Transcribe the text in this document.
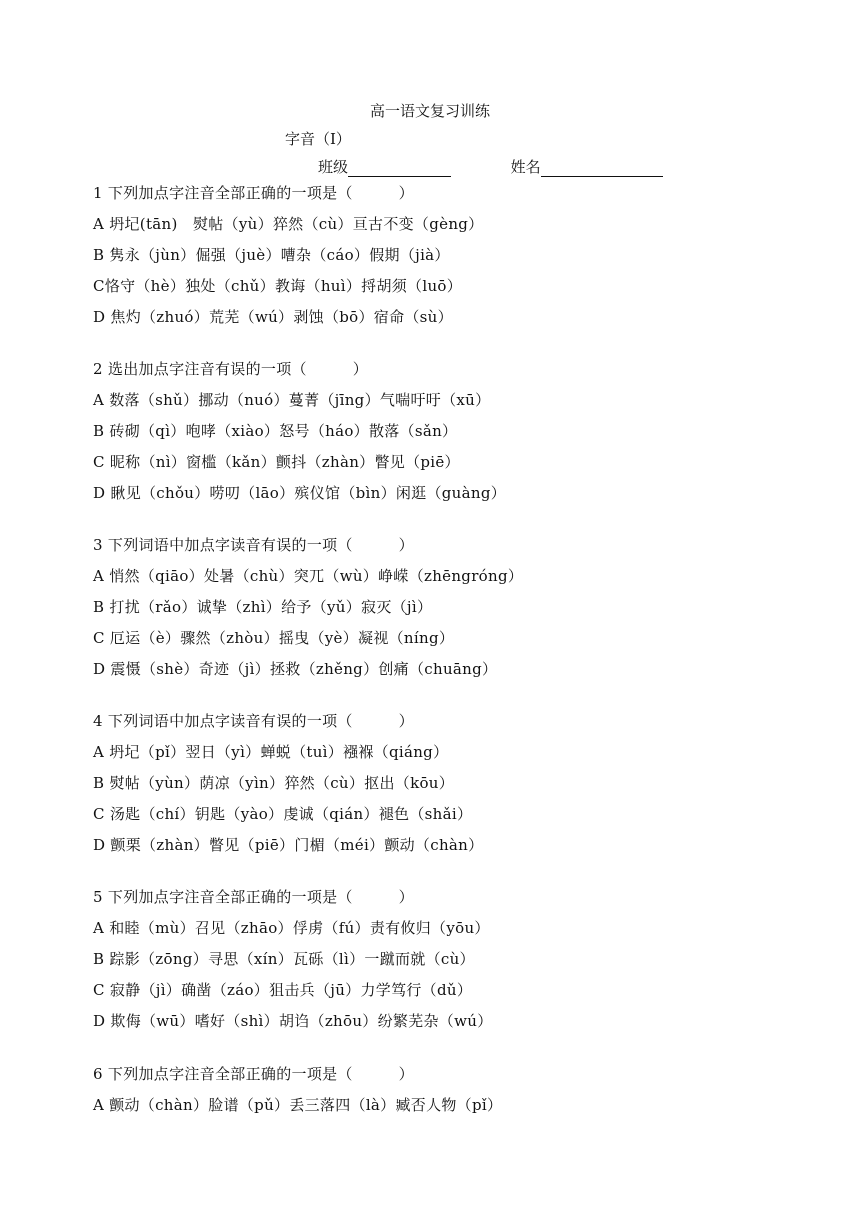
高一语文复习训练
字音（Ⅰ）
班级	姓名
1 下列加点字注音全部正确的一项是（　　　）
A 坍圮(tān)　熨帖（yù）猝然（cù）亘古不变（gèng）
B 隽永（jùn）倔强（juè）嘈杂（cáo）假期（jià）
C恪守（hè）独处（chǔ）教诲（huì）捋胡须（luō）
D 焦灼（zhuó）荒芜（wú）剥蚀（bō）宿命（sù）
2 选出加点字注音有误的一项（　　　）
A 数落（shǔ）挪动（nuó）蔓菁（jīng）气喘吁吁（xū）
B 砖砌（qì）咆哮（xiào）怒号（háo）散落（sǎn）
C 昵称（nì）窗槛（kǎn）颤抖（zhàn）瞥见（piē）
D 瞅见（chǒu）唠叨（lāo）殡仪馆（bìn）闲逛（guàng）
3 下列词语中加点字读音有误的一项（　　　）
A 悄然（qiāo）处暑（chù）突兀（wù）峥嵘（zhēngróng）
B 打扰（rǎo）诚挚（zhì）给予（yǔ）寂灭（jì）
C 厄运（è）骤然（zhòu）摇曳（yè）凝视（níng）
D 震慑（shè）奇迹（jì）拯救（zhěng）创痛（chuāng）
4 下列词语中加点字读音有误的一项（　　　）
A 坍圮（pǐ）翌日（yì）蝉蜕（tuì）襁褓（qiáng）
B 熨帖（yùn）荫凉（yìn）猝然（cù）抠出（kōu）
C 汤匙（chí）钥匙（yào）虔诚（qián）褪色（shǎi）
D 颤栗（zhàn）瞥见（piē）门楣（méi）颤动（chàn）
5 下列加点字注音全部正确的一项是（　　　）
A 和睦（mù）召见（zhāo）俘虏（fú）责有攸归（yōu）
B 踪影（zōng）寻思（xín）瓦砾（lì）一蹴而就（cù）
C 寂静（jì）确凿（záo）狙击兵（jū）力学笃行（dǔ）
D 欺侮（wū）嗜好（shì）胡诌（zhōu）纷繁芜杂（wú）
6 下列加点字注音全部正确的一项是（　　　）
A 颤动（chàn）脸谱（pǔ）丢三落四（là）臧否人物（pǐ）
